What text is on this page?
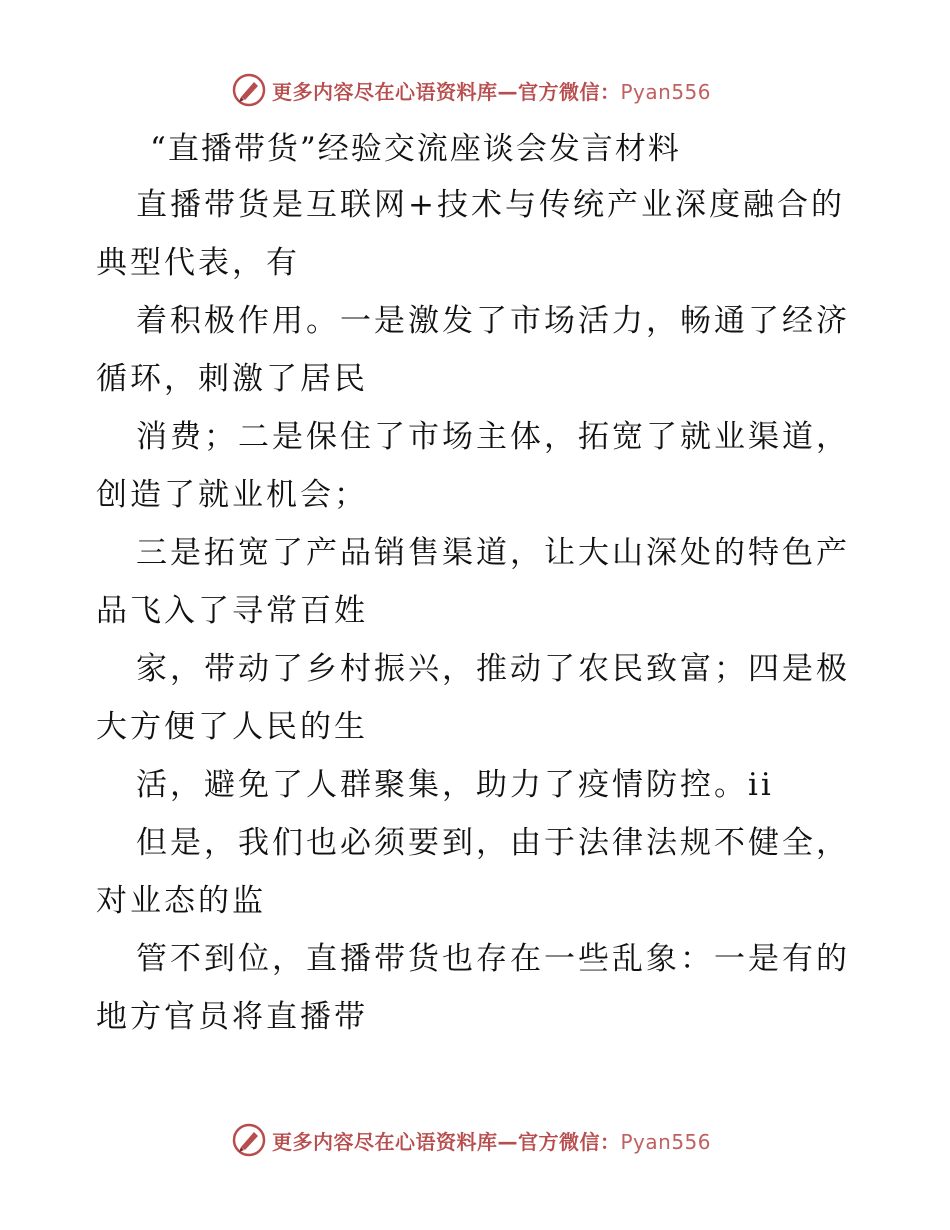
更多内容尽在心语资料库—官方微信：Pyan556
“直播带货”经验交流座谈会发言材料
直播带货是互联网+技术与传统产业深度融合的
典型代表，有
着积极作用。一是激发了市场活力，畅通了经济
循环，刺激了居民
消费；二是保住了市场主体，拓宽了就业渠道，
创造了就业机会；
三是拓宽了产品销售渠道，让大山深处的特色产
品飞入了寻常百姓
家，带动了乡村振兴，推动了农民致富；四是极
大方便了人民的生
活，避免了人群聚集，助力了疫情防控。ii
但是，我们也必须要到，由于法律法规不健全，
对业态的监
管不到位，直播带货也存在一些乱象：一是有的
地方官员将直播带
更多内容尽在心语资料库—官方微信：Pyan556
